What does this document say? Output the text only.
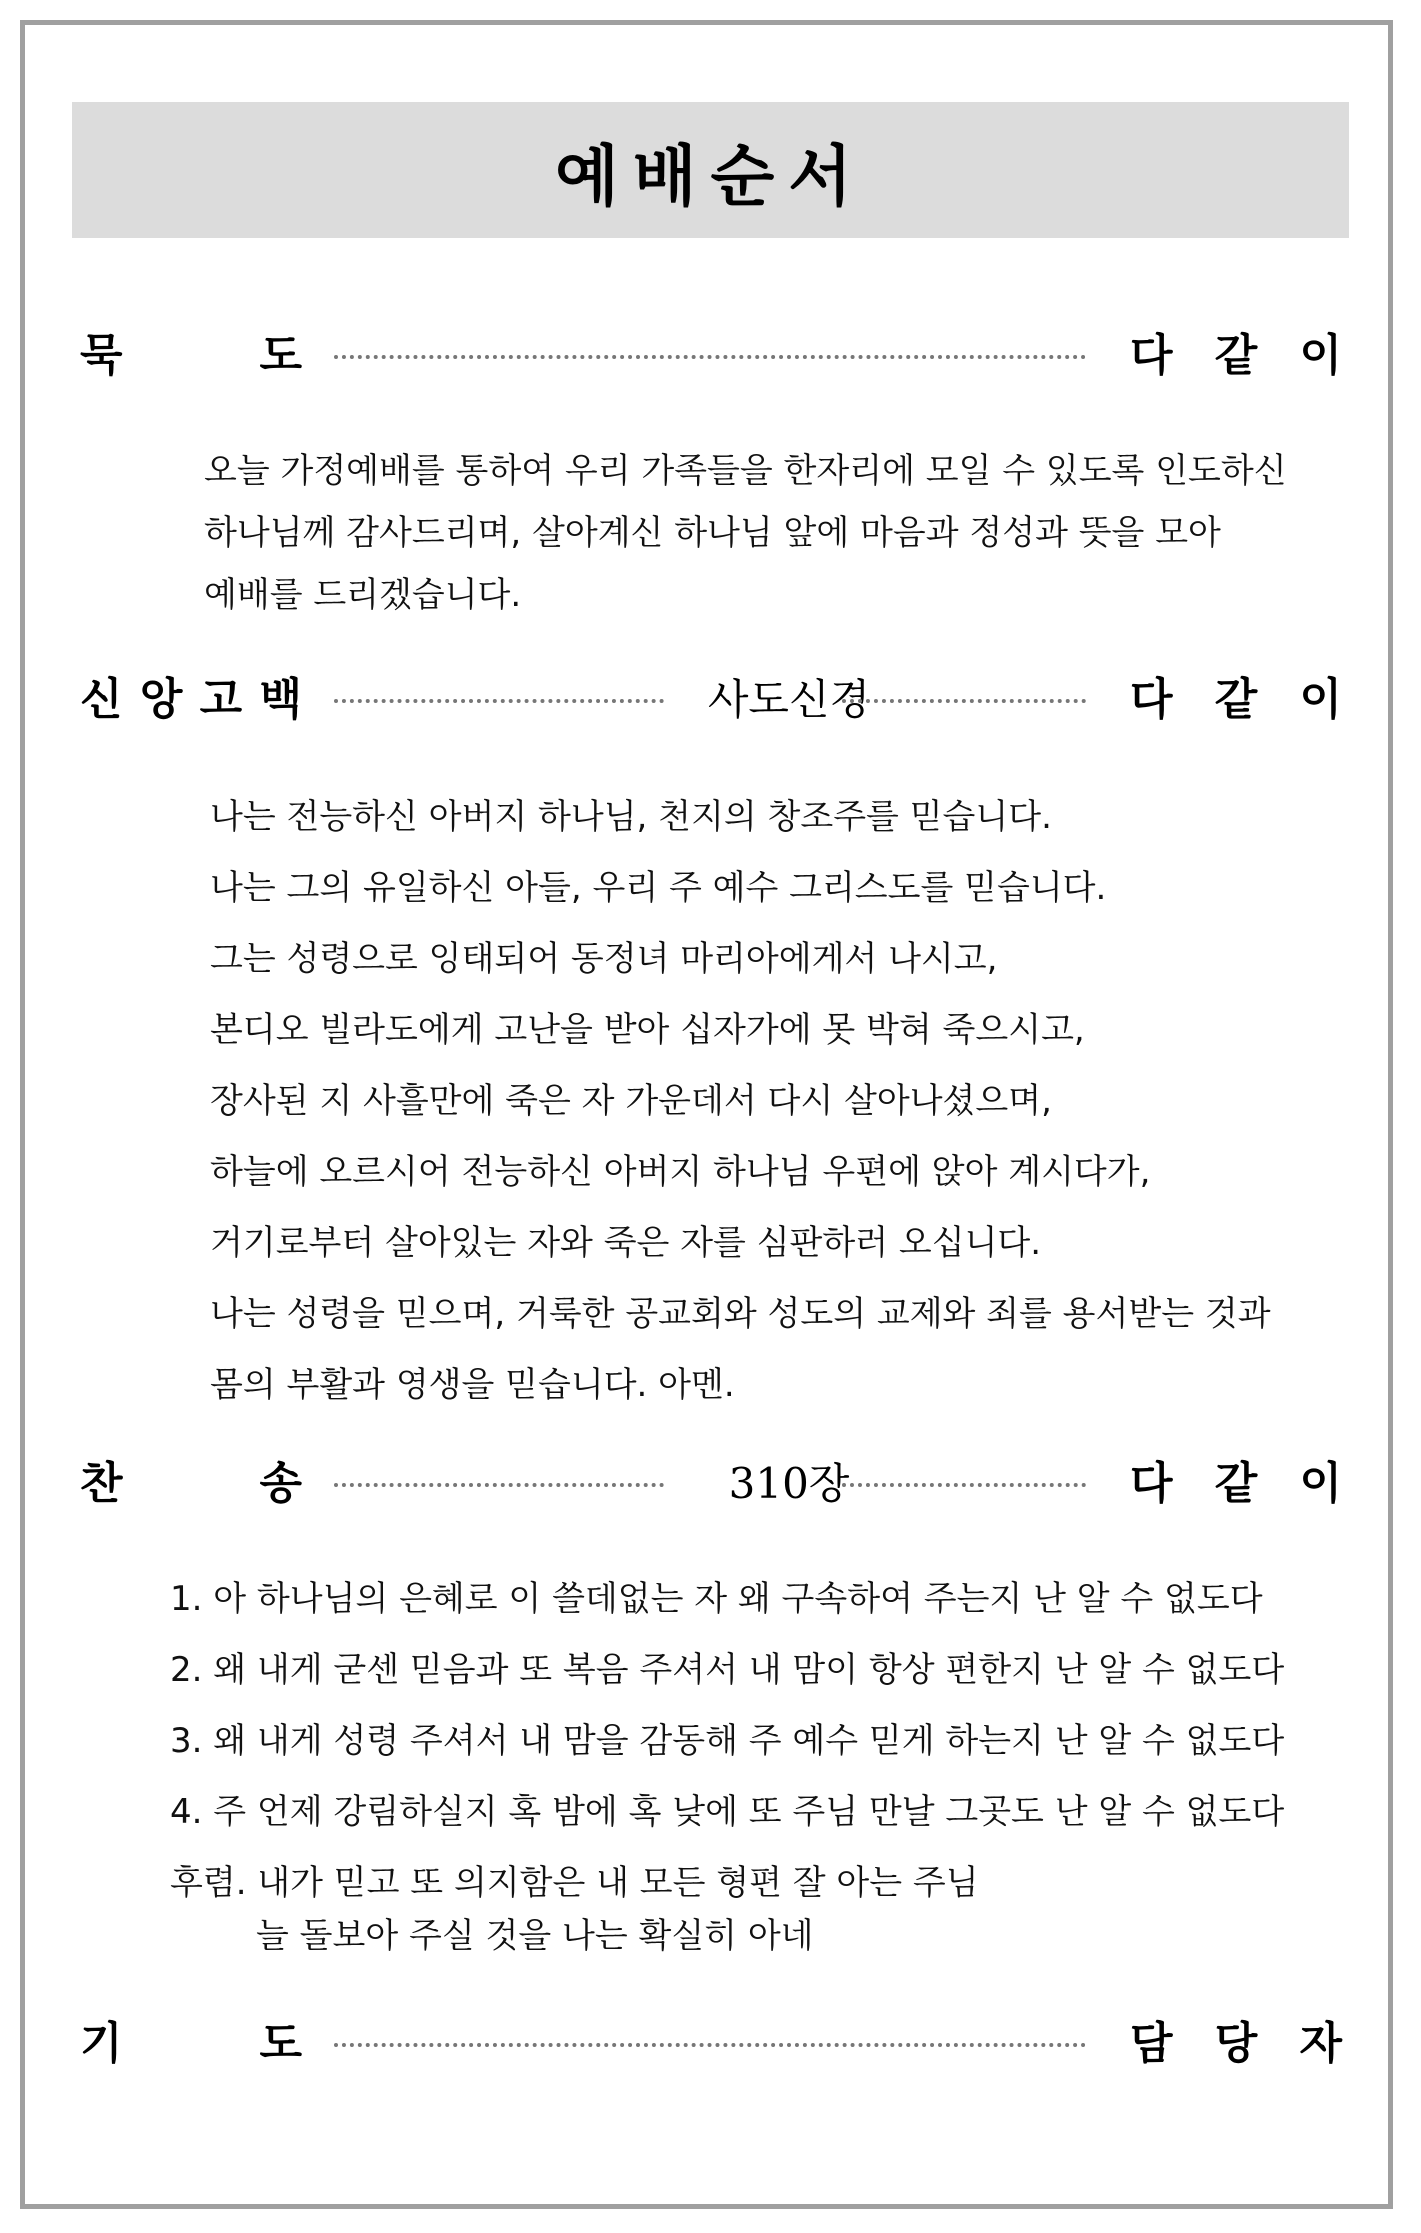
예배순서
묵	도	다 같 이
오늘 가정예배를 통하여 우리 가족들을 한자리에 모일 수 있도록 인도하신
하나님께 감사드리며, 살아계신 하나님 앞에 마음과 정성과 뜻을 모아
예배를 드리겠습니다.
신 앙 고 백	사도신경	다 같 이
나는 전능하신 아버지 하나님, 천지의 창조주를 믿습니다.
나는 그의 유일하신 아들, 우리 주 예수 그리스도를 믿습니다.
그는 성령으로 잉태되어 동정녀 마리아에게서 나시고,
본디오 빌라도에게 고난을 받아 십자가에 못 박혀 죽으시고,
장사된 지 사흘만에 죽은 자 가운데서 다시 살아나셨으며,
하늘에 오르시어 전능하신 아버지 하나님 우편에 앉아 계시다가,
거기로부터 살아있는 자와 죽은 자를 심판하러 오십니다.
나는 성령을 믿으며, 거룩한 공교회와 성도의 교제와 죄를 용서받는 것과
몸의 부활과 영생을 믿습니다. 아멘.
찬	송	310장	다 같 이
1. 아 하나님의 은혜로 이 쓸데없는 자 왜 구속하여 주는지 난 알 수 없도다
2. 왜 내게 굳센 믿음과 또 복음 주셔서 내 맘이 항상 편한지 난 알 수 없도다
3. 왜 내게 성령 주셔서 내 맘을 감동해 주 예수 믿게 하는지 난 알 수 없도다
4. 주 언제 강림하실지 혹 밤에 혹 낮에 또 주님 만날 그곳도 난 알 수 없도다
후렴. 내가 믿고 또 의지함은 내 모든 형편 잘 아는 주님
늘 돌보아 주실 것을 나는 확실히 아네
기	도	담 당 자
